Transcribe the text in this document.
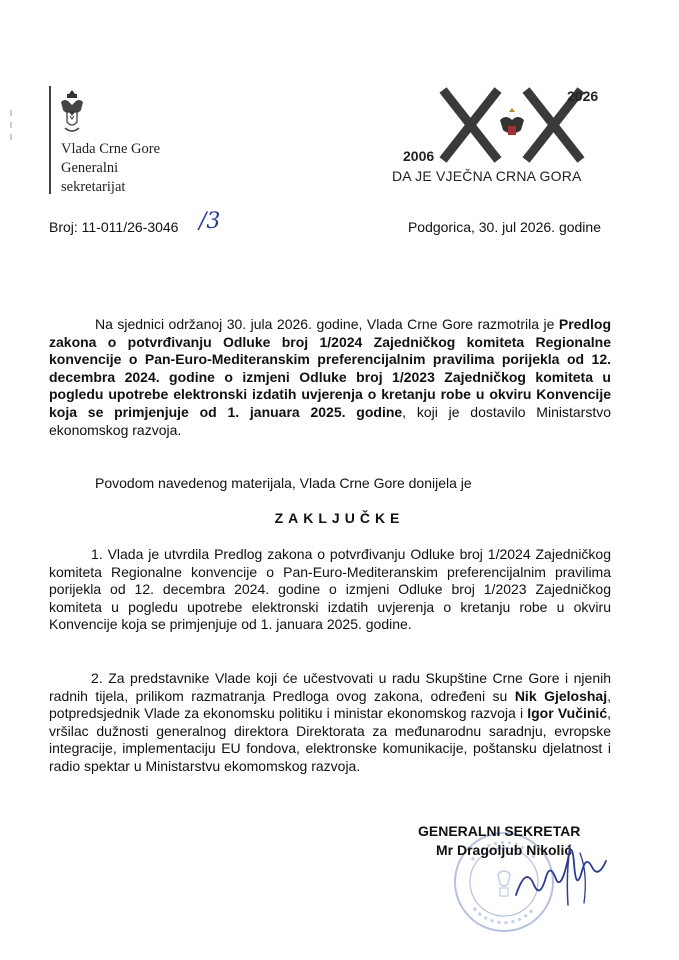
Vlada Crne Gore
Generalni
sekretarijat
2006
2026
DA JE VJEČNA CRNA GORA
Broj: 11-011/26-3046 /3	Podgorica, 30. jul 2026. godine
Na sjednici održanoj 30. jula 2026. godine, Vlada Crne Gore razmotrila je Predlog zakona o potvrđivanju Odluke broj 1/2024 Zajedničkog komiteta Regionalne konvencije o Pan-Euro-Mediteranskim preferencijalnim pravilima porijekla od 12. decembra 2024. godine o izmjeni Odluke broj 1/2023 Zajedničkog komiteta u pogledu upotrebe elektronski izdatih uvjerenja o kretanju robe u okviru Konvencije koja se primjenjuje od 1. januara 2025. godine, koji je dostavilo Ministarstvo ekonomskog razvoja.
Povodom navedenog materijala, Vlada Crne Gore donijela je
ZAKLJUČKE
1. Vlada je utvrdila Predlog zakona o potvrđivanju Odluke broj 1/2024 Zajedničkog komiteta Regionalne konvencije o Pan-Euro-Mediteranskim preferencijalnim pravilima porijekla od 12. decembra 2024. godine o izmjeni Odluke broj 1/2023 Zajedničkog komiteta u pogledu upotrebe elektronski izdatih uvjerenja o kretanju robe u okviru Konvencije koja se primjenjuje od 1. januara 2025. godine.
2. Za predstavnike Vlade koji će učestvovati u radu Skupštine Crne Gore i njenih radnih tijela, prilikom razmatranja Predloga ovog zakona, određeni su Nik Gjeloshaj, potpredsjednik Vlade za ekonomsku politiku i ministar ekonomskog razvoja i Igor Vučinić, vršilac dužnosti generalnog direktora Direktorata za međunarodnu saradnju, evropske integracije, implementaciju EU fondova, elektronske komunikacije, poštansku djelatnost i radio spektar u Ministarstvu ekomomskog razvoja.
GENERALNI SEKRETAR
Mr Dragoljub Nikolić
